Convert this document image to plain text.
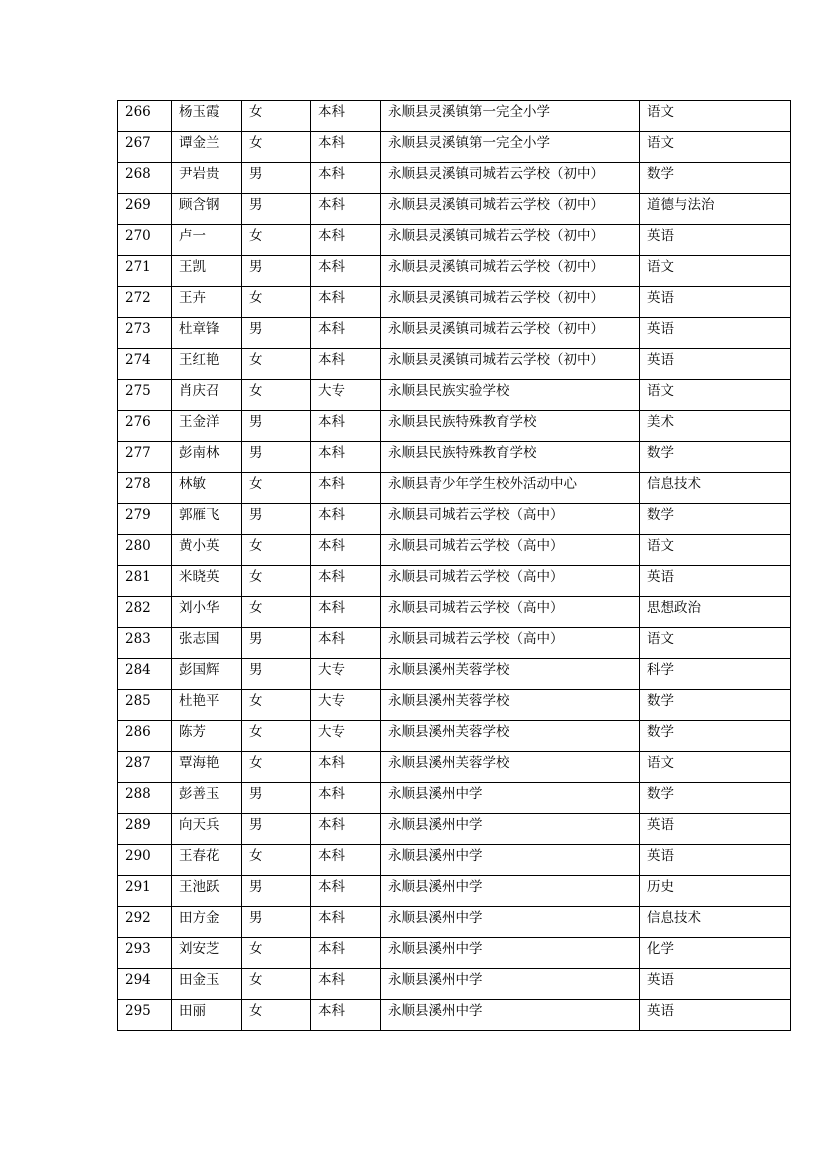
266	杨玉霞	女	本科	永顺县灵溪镇第一完全小学	语文
267	谭金兰	女	本科	永顺县灵溪镇第一完全小学	语文
268	尹岩贵	男	本科	永顺县灵溪镇司城若云学校（初中）	数学
269	顾含钢	男	本科	永顺县灵溪镇司城若云学校（初中）	道德与法治
270	卢一	女	本科	永顺县灵溪镇司城若云学校（初中）	英语
271	王凯	男	本科	永顺县灵溪镇司城若云学校（初中）	语文
272	王卉	女	本科	永顺县灵溪镇司城若云学校（初中）	英语
273	杜章锋	男	本科	永顺县灵溪镇司城若云学校（初中）	英语
274	王红艳	女	本科	永顺县灵溪镇司城若云学校（初中）	英语
275	肖庆召	女	大专	永顺县民族实验学校	语文
276	王金洋	男	本科	永顺县民族特殊教育学校	美术
277	彭南林	男	本科	永顺县民族特殊教育学校	数学
278	林敏	女	本科	永顺县青少年学生校外活动中心	信息技术
279	郭雁飞	男	本科	永顺县司城若云学校（高中）	数学
280	黄小英	女	本科	永顺县司城若云学校（高中）	语文
281	米晓英	女	本科	永顺县司城若云学校（高中）	英语
282	刘小华	女	本科	永顺县司城若云学校（高中）	思想政治
283	张志国	男	本科	永顺县司城若云学校（高中）	语文
284	彭国辉	男	大专	永顺县溪州芙蓉学校	科学
285	杜艳平	女	大专	永顺县溪州芙蓉学校	数学
286	陈芳	女	大专	永顺县溪州芙蓉学校	数学
287	覃海艳	女	本科	永顺县溪州芙蓉学校	语文
288	彭善玉	男	本科	永顺县溪州中学	数学
289	向天兵	男	本科	永顺县溪州中学	英语
290	王春花	女	本科	永顺县溪州中学	英语
291	王池跃	男	本科	永顺县溪州中学	历史
292	田方金	男	本科	永顺县溪州中学	信息技术
293	刘安芝	女	本科	永顺县溪州中学	化学
294	田金玉	女	本科	永顺县溪州中学	英语
295	田丽	女	本科	永顺县溪州中学	英语
